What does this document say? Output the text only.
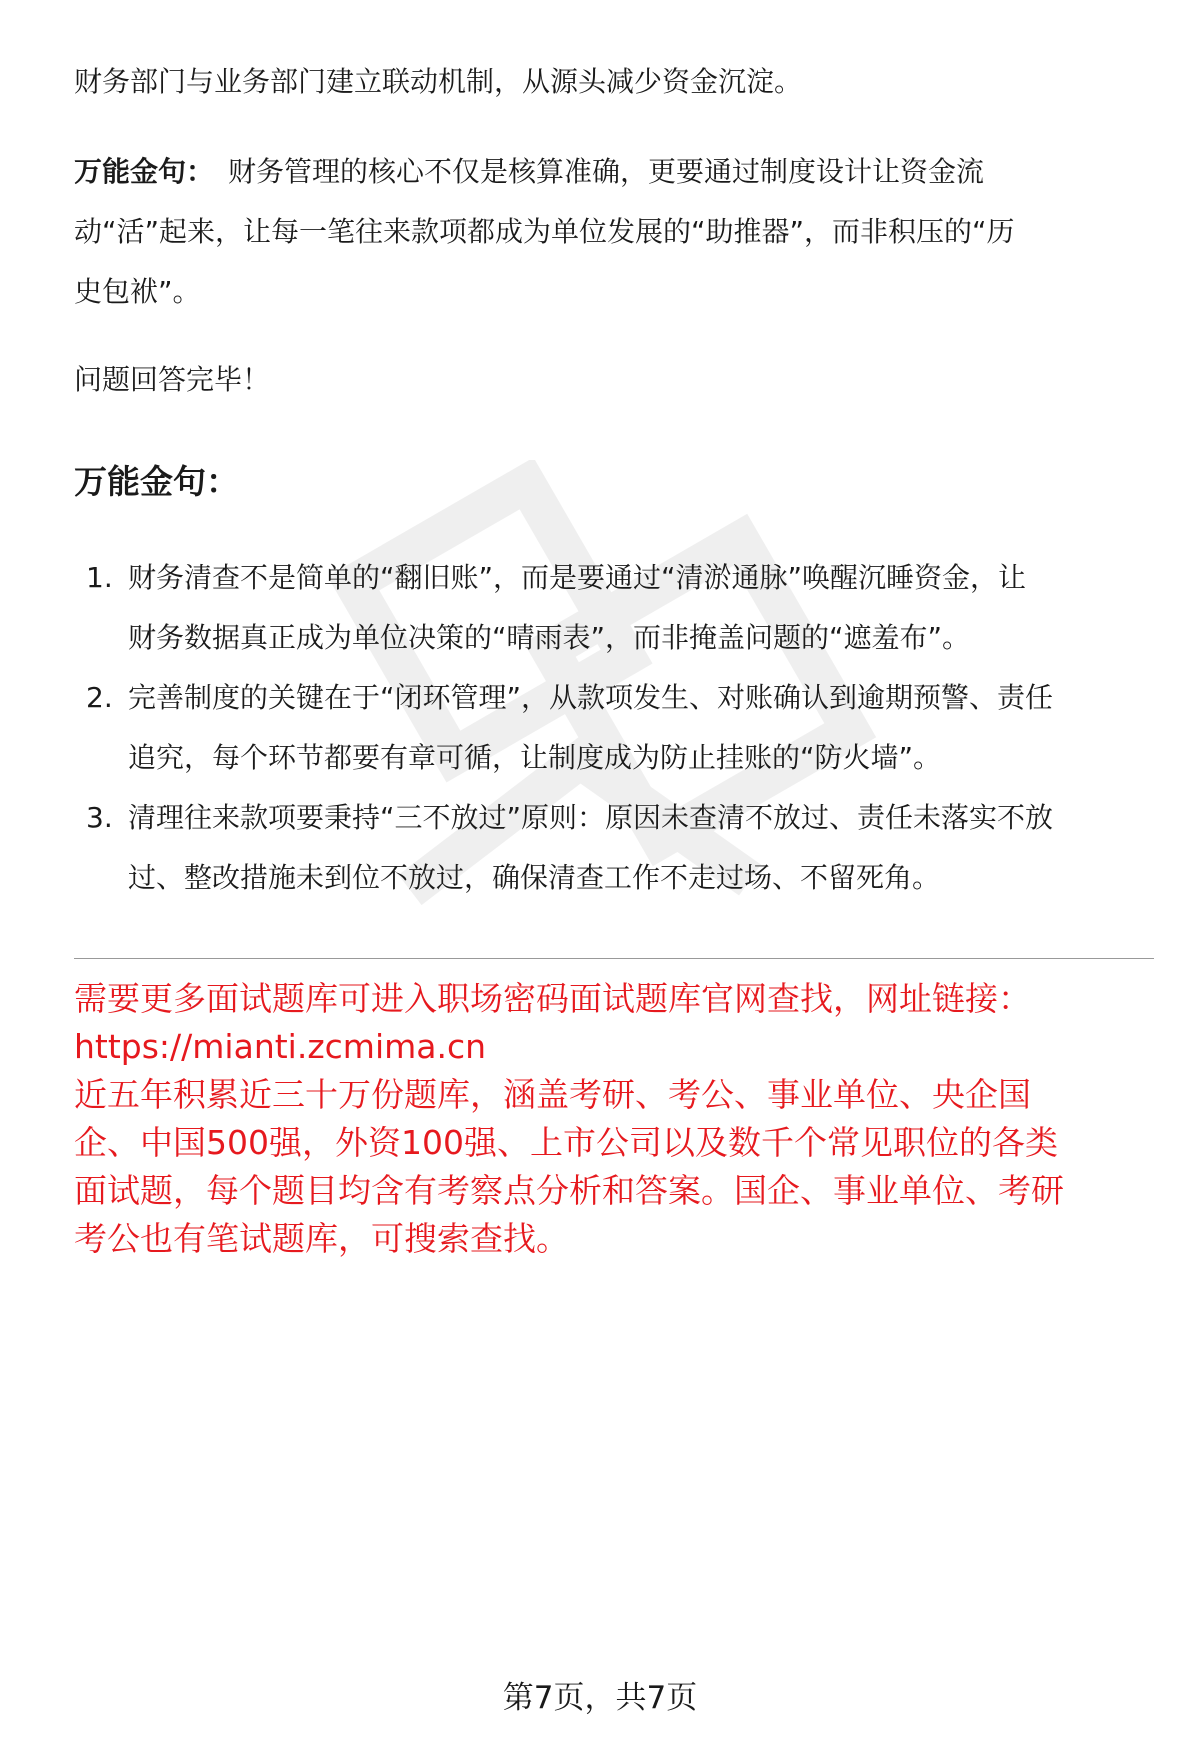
财务部门与业务部门建立联动机制，从源头减少资金沉淀。

万能金句： 财务管理的核心不仅是核算准确，更要通过制度设计让资金流

动“活”起来，让每一笔往来款项都成为单位发展的“助推器”，而非积压的“历

史包袱”。

问题回答完毕！

万能金句：
1. 财务清查不是简单的“翻旧账”，而是要通过“清淤通脉”唤醒沉睡资金，让
财务数据真正成为单位决策的“晴雨表”，而非掩盖问题的“遮羞布”。
2. 完善制度的关键在于“闭环管理”，从款项发生、对账确认到逾期预警、责任
追究，每个环节都要有章可循，让制度成为防止挂账的“防火墙”。
3. 清理往来款项要秉持“三不放过”原则：原因未查清不放过、责任未落实不放
过、整改措施未到位不放过，确保清查工作不走过场、不留死角。
需要更多面试题库可进入职场密码面试题库官网查找，网址链接：
https://mianti.zcmima.cn
近五年积累近三十万份题库，涵盖考研、考公、事业单位、央企国
企、中国500强，外资100强、上市公司以及数千个常见职位的各类
面试题，每个题目均含有考察点分析和答案。国企、事业单位、考研
考公也有笔试题库，可搜索查找。
第7页，共7页
